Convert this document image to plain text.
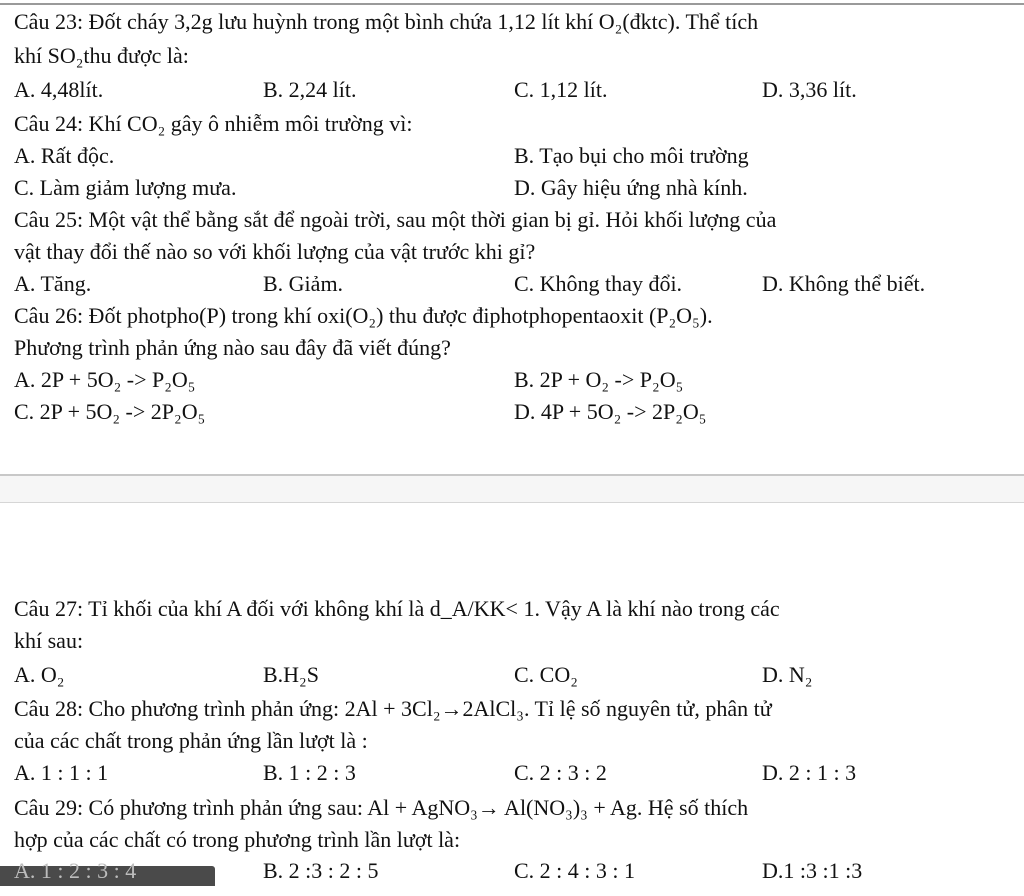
Câu 23: Đốt cháy 3,2g lưu huỳnh trong một bình chứa 1,12 lít khí O₂(đktc). Thể tích
khí SO₂thu được là:
A. 4,48lít.	B. 2,24 lít.	C. 1,12 lít.	D. 3,36 lít.
Câu 24: Khí CO₂ gây ô nhiễm môi trường vì:
A. Rất độc.	B. Tạo bụi cho môi trường
C. Làm giảm lượng mưa.	D. Gây hiệu ứng nhà kính.
Câu 25: Một vật thể bằng sắt để ngoài trời, sau một thời gian bị gỉ. Hỏi khối lượng của
vật thay đổi thế nào so với khối lượng của vật trước khi gỉ?
A. Tăng.	B. Giảm.	C. Không thay đổi.	D. Không thể biết.
Câu 26: Đốt photpho(P) trong khí oxi(O₂) thu được điphotphopentaoxit (P₂O₅).
Phương trình phản ứng nào sau đây đã viết đúng?
A. 2P + 5O₂ -> P₂O₅	B. 2P + O₂ -> P₂O₅
C. 2P + 5O₂ -> 2P₂O₅	D. 4P + 5O₂ -> 2P₂O₅
Câu 27: Tỉ khối của khí A đối với không khí là d_A/KK< 1. Vậy A là khí nào trong các
khí sau:
A. O₂	B.H₂S	C. CO₂	D. N₂
Câu 28: Cho phương trình phản ứng: 2Al + 3Cl₂→2AlCl₃. Tỉ lệ số nguyên tử, phân tử
của các chất trong phản ứng lần lượt là :
A. 1 : 1 : 1	B. 1 : 2 : 3	C. 2 : 3 : 2	D. 2 : 1 : 3
Câu 29: Có phương trình phản ứng sau: Al + AgNO₃→ Al(NO₃)₃ + Ag. Hệ số thích
hợp của các chất có trong phương trình lần lượt là:
A. 1 : 2 : 3 : 4	B. 2 :3 : 2 : 5	C. 2 : 4 : 3 : 1	D.1 :3 :1 :3
